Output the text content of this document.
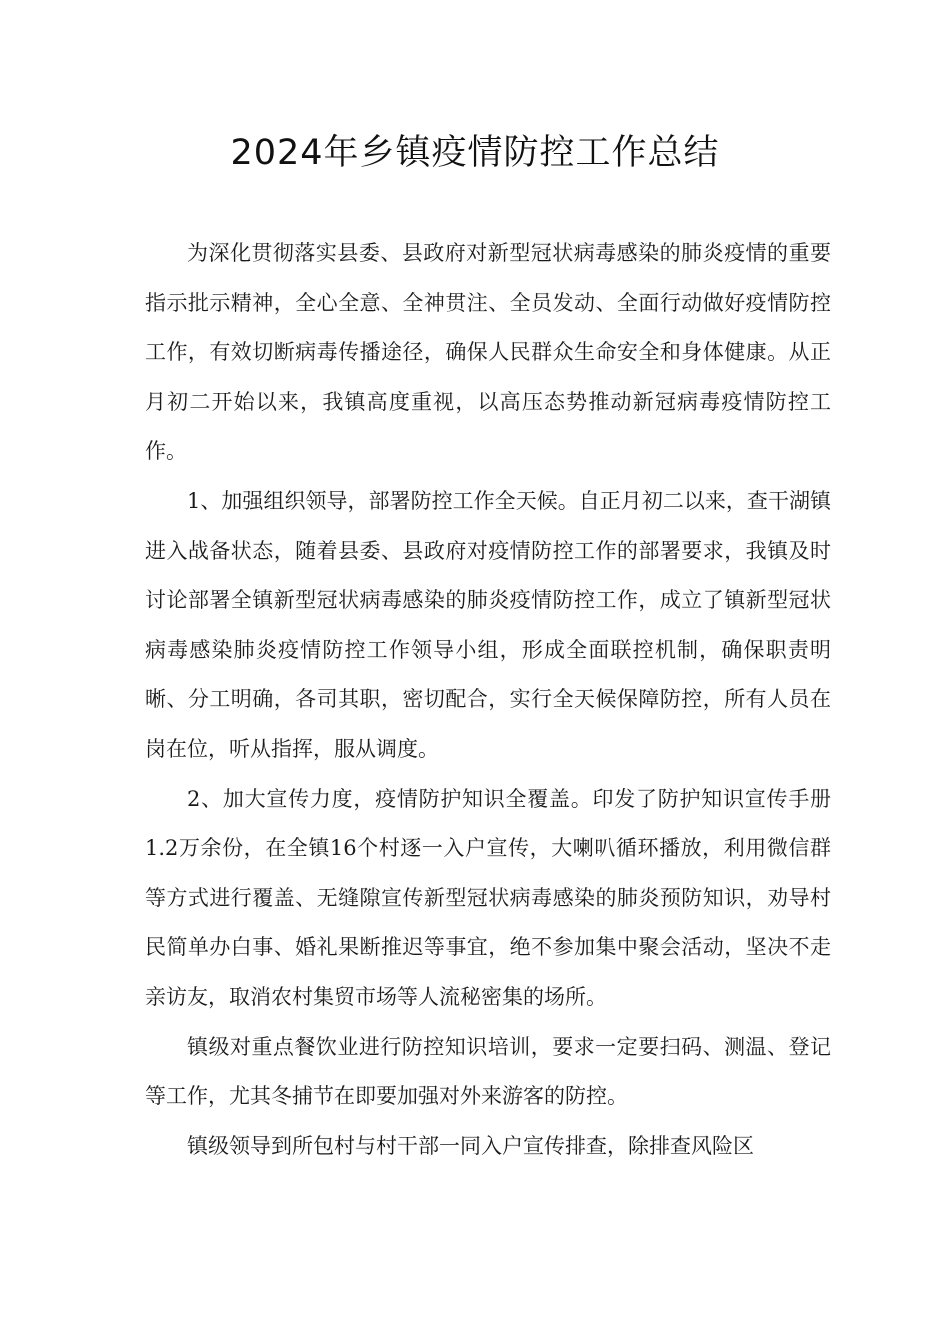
2024年乡镇疫情防控工作总结

为深化贯彻落实县委、县政府对新型冠状病毒感染的肺炎疫情的重要指示批示精神，全心全意、全神贯注、全员发动、全面行动做好疫情防控工作，有效切断病毒传播途径，确保人民群众生命安全和身体健康。从正月初二开始以来，我镇高度重视，以高压态势推动新冠病毒疫情防控工作。

1、加强组织领导，部署防控工作全天候。自正月初二以来，查干湖镇进入战备状态，随着县委、县政府对疫情防控工作的部署要求，我镇及时讨论部署全镇新型冠状病毒感染的肺炎疫情防控工作，成立了镇新型冠状病毒感染肺炎疫情防控工作领导小组，形成全面联控机制，确保职责明晰、分工明确，各司其职，密切配合，实行全天候保障防控，所有人员在岗在位，听从指挥，服从调度。

2、加大宣传力度，疫情防护知识全覆盖。印发了防护知识宣传手册1.2万余份，在全镇16个村逐一入户宣传，大喇叭循环播放，利用微信群等方式进行覆盖、无缝隙宣传新型冠状病毒感染的肺炎预防知识，劝导村民简单办白事、婚礼果断推迟等事宜，绝不参加集中聚会活动，坚决不走亲访友，取消农村集贸市场等人流秘密集的场所。

镇级对重点餐饮业进行防控知识培训，要求一定要扫码、测温、登记等工作，尤其冬捕节在即要加强对外来游客的防控。

镇级领导到所包村与村干部一同入户宣传排查，除排查风险区
